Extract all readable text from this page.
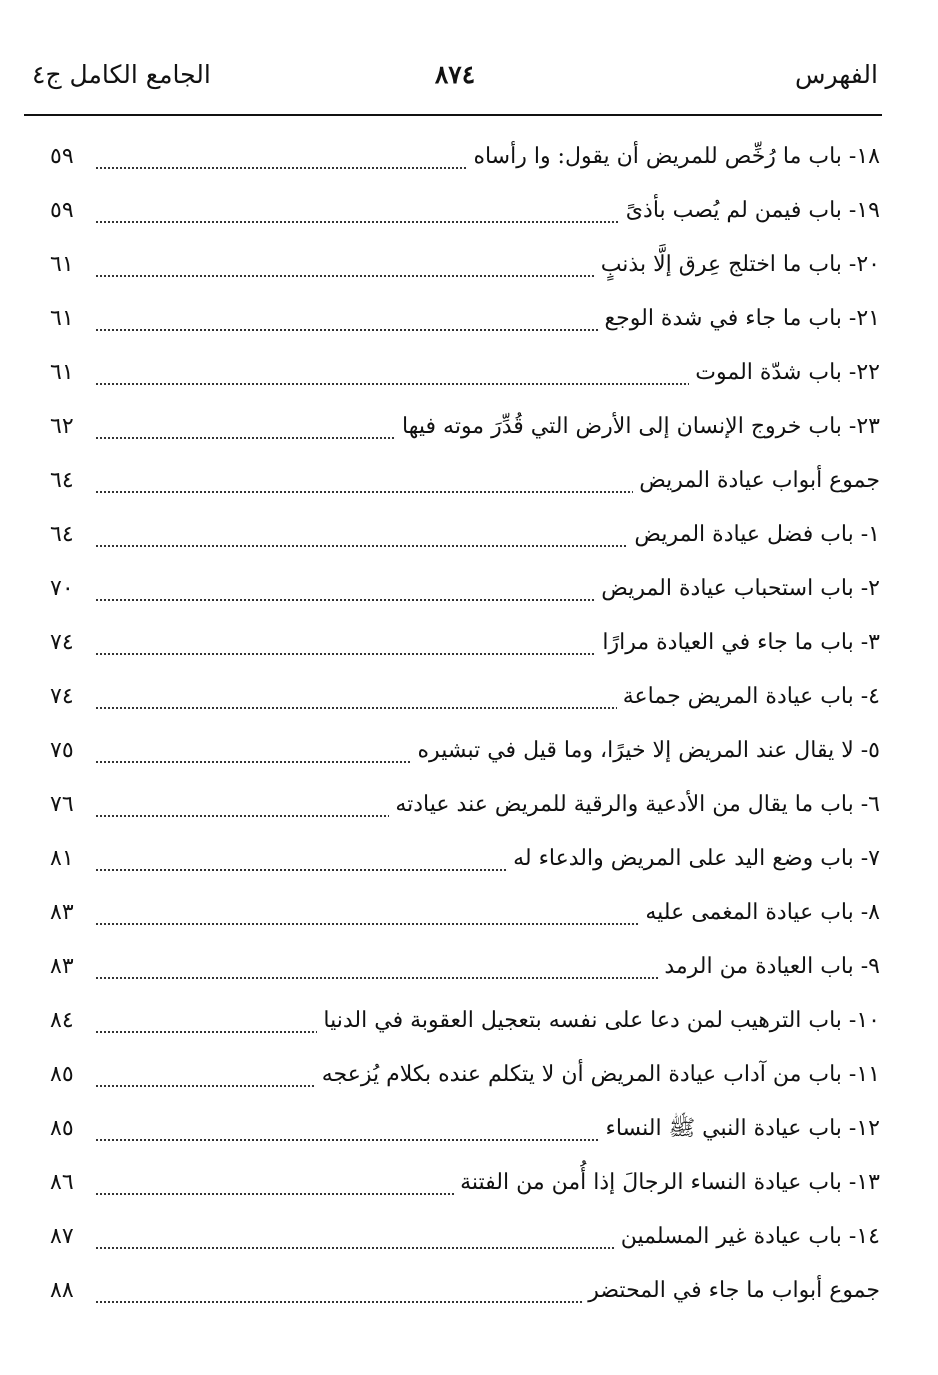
الفهرس
٨٧٤
الجامع الكامل ج٤
١٨- باب ما رُخِّص للمريض أن يقول: وا رأساه
٥٩
١٩- باب فيمن لم يُصب بأذىً
٥٩
٢٠- باب ما اختلج عِرق إلَّا بذنبٍ
٦١
٢١- باب ما جاء في شدة الوجع
٦١
٢٢- باب شدّة الموت
٦١
٢٣- باب خروج الإنسان إلى الأرض التي قُدِّرَ موته فيها
٦٢
جموع أبواب عيادة المريض
٦٤
١- باب فضل عيادة المريض
٦٤
٢- باب استحباب عيادة المريض
٧٠
٣- باب ما جاء في العيادة مرارًا
٧٤
٤- باب عيادة المريض جماعة
٧٤
٥- لا يقال عند المريض إلا خيرًا، وما قيل في تبشيره
٧٥
٦- باب ما يقال من الأدعية والرقية للمريض عند عيادته
٧٦
٧- باب وضع اليد على المريض والدعاء له
٨١
٨- باب عيادة المغمى عليه
٨٣
٩- باب العيادة من الرمد
٨٣
١٠- باب الترهيب لمن دعا على نفسه بتعجيل العقوبة في الدنيا
٨٤
١١- باب من آداب عيادة المريض أن لا يتكلم عنده بكلام يُزعجه
٨٥
١٢- باب عيادة النبي ﷺ النساء
٨٥
١٣- باب عيادة النساء الرجالَ إذا أُمن من الفتنة
٨٦
١٤- باب عيادة غير المسلمين
٨٧
جموع أبواب ما جاء في المحتضر
٨٨
